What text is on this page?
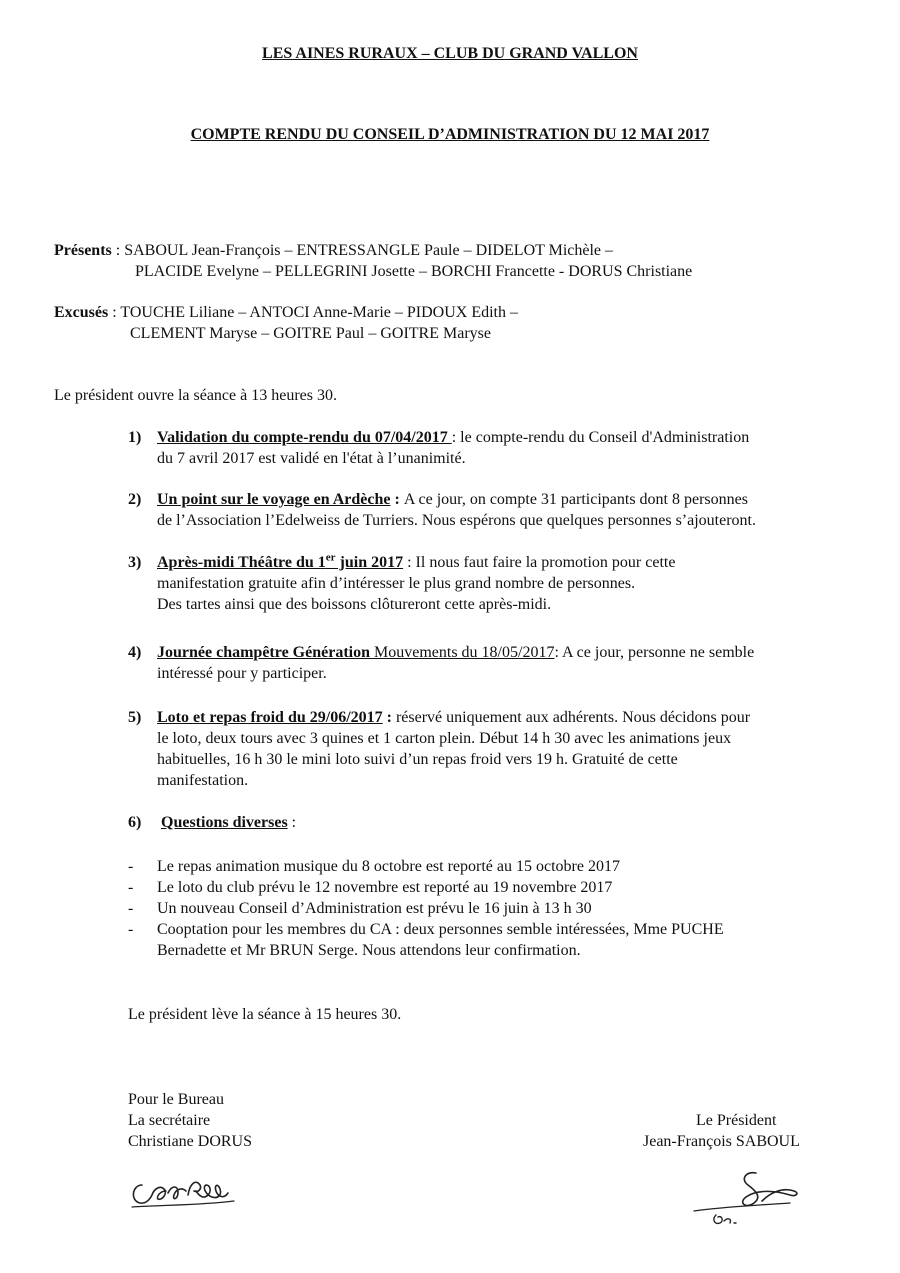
LES AINES RURAUX – CLUB DU GRAND VALLON
COMPTE RENDU DU CONSEIL D’ADMINISTRATION DU 12 MAI 2017
Présents : SABOUL Jean-François – ENTRESSANGLE Paule – DIDELOT Michèle –
PLACIDE Evelyne – PELLEGRINI Josette – BORCHI Francette - DORUS Christiane
Excusés : TOUCHE Liliane – ANTOCI Anne-Marie – PIDOUX Edith –
CLEMENT Maryse – GOITRE Paul – GOITRE Maryse
Le président ouvre la séance à 13 heures 30.
1) Validation du compte-rendu du 07/04/2017 : le compte-rendu du Conseil d'Administration
du 7 avril 2017 est validé en l'état à l’unanimité.
2) Un point sur le voyage en Ardèche : A ce jour, on compte 31 participants dont 8 personnes
de l’Association l’Edelweiss de Turriers. Nous espérons que quelques personnes s’ajouteront.
3) Après-midi Théâtre du 1er juin 2017 : Il nous faut faire la promotion pour cette
manifestation gratuite afin d’intéresser le plus grand nombre de personnes.
Des tartes ainsi que des boissons clôtureront cette après-midi.
4) Journée champêtre Génération Mouvements du 18/05/2017: A ce jour, personne ne semble
intéressé pour y participer.
5) Loto et repas froid du 29/06/2017 : réservé uniquement aux adhérents. Nous décidons pour
le loto, deux tours avec 3 quines et 1 carton plein. Début 14 h 30 avec les animations jeux
habituelles, 16 h 30 le mini loto suivi d’un repas froid vers 19 h. Gratuité de cette
manifestation.
6) Questions diverses :
- Le repas animation musique du 8 octobre est reporté au 15 octobre 2017
- Le loto du club prévu le 12 novembre est reporté au 19 novembre 2017
- Un nouveau Conseil d’Administration est prévu le 16 juin à 13 h 30
- Cooptation pour les membres du CA : deux personnes semble intéressées, Mme PUCHE
Bernadette et Mr BRUN Serge. Nous attendons leur confirmation.
Le président lève la séance à 15 heures 30.
Pour le Bureau
La secrétaire
Christiane DORUS
Le Président
Jean-François SABOUL
